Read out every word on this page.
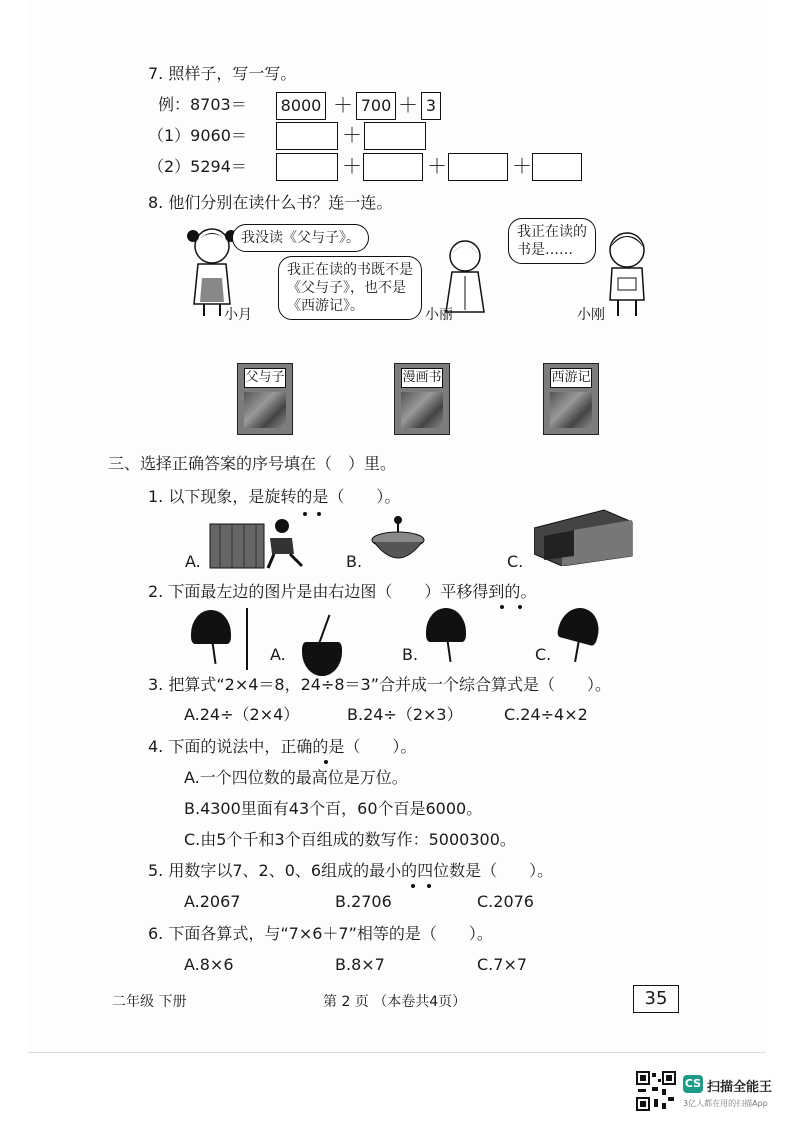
7. 照样子，写一写。
例：8703＝ 8000 ＋ 700 ＋ 3
（1）9060＝	＋
（2）5294＝	＋	＋	＋
8. 他们分别在读什么书？连一连。
我没读《父与子》。
我正在读的书既不是
《父与子》，也不是
《西游记》。
我正在读的
书是……
小月	小丽	小刚
父与子	漫画书	西游记
三、选择正确答案的序号填在（　）里。
1. 以下现象，是旋转的是（　　）。
A.	B.	C.
2. 下面最左边的图片是由右边图（　　）平移得到的。
A.	B.	C.
3. 把算式“2×4＝8，24÷8＝3”合并成一个综合算式是（　　）。
A.24÷（2×4）	B.24÷（2×3）	C.24÷4×2
4. 下面的说法中，正确的是（　　）。
A.一个四位数的最高位是万位。
B.4300里面有43个百，60个百是6000。
C.由5个千和3个百组成的数写作：5000300。
5. 用数字以7、2、0、6组成的最小的四位数是（　　）。
A.2067	B.2706	C.2076
6. 下面各算式，与“7×6＋7”相等的是（　　）。
A.8×6	B.8×7	C.7×7
二年级 下册	第 2 页 （本卷共4页）	35
CS 扫描全能王
3亿人都在用的扫描App
